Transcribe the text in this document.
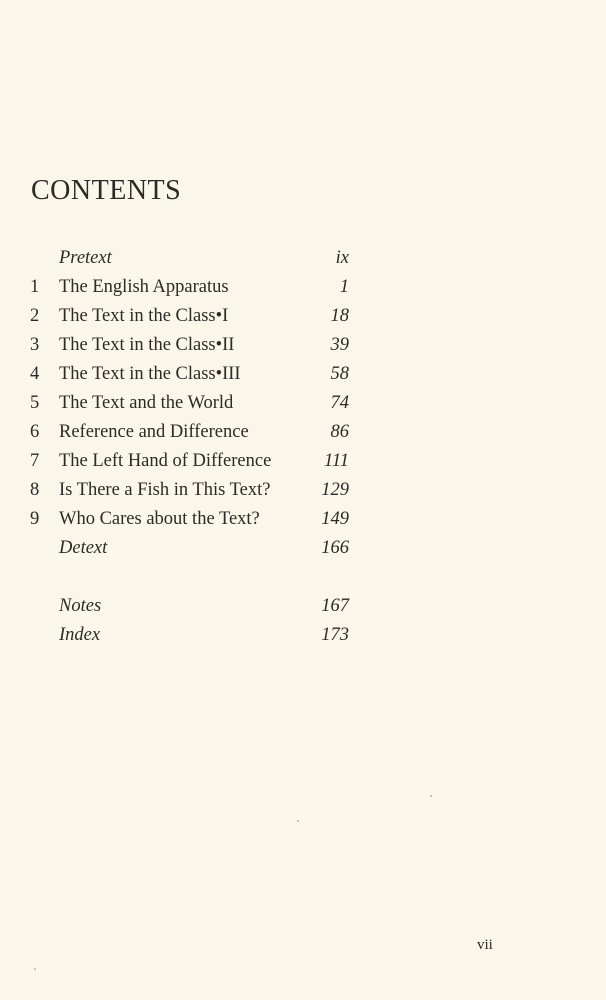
CONTENTS
Pretext	ix
1 The English Apparatus	1
2 The Text in the Class•I	18
3 The Text in the Class•II	39
4 The Text in the Class•III	58
5 The Text and the World	74
6 Reference and Difference	86
7 The Left Hand of Difference	111
8 Is There a Fish in This Text?	129
9 Who Cares about the Text?	149
Detext	166
Notes	167
Index	173
vii
